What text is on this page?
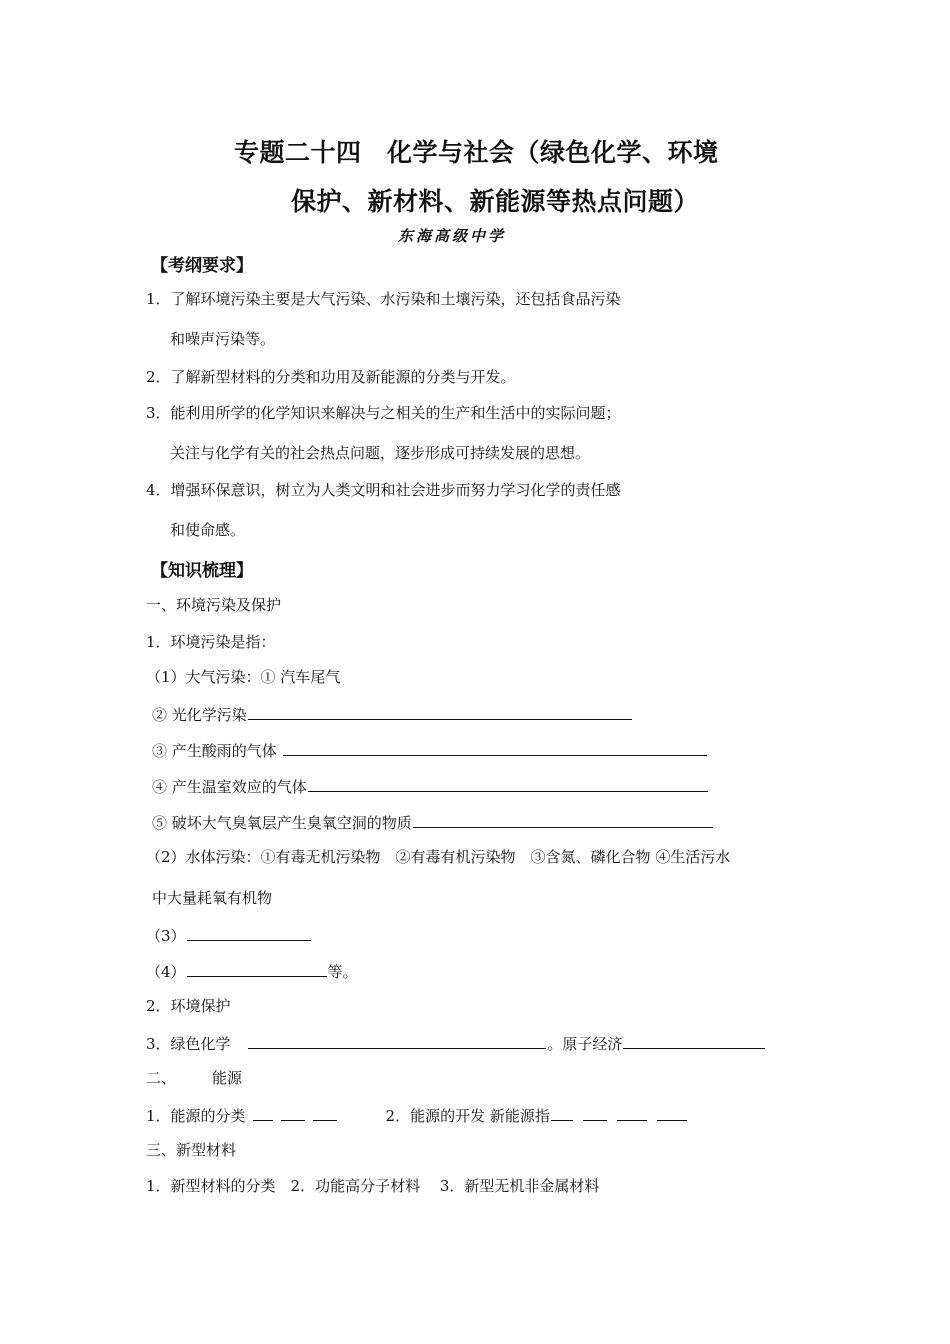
专题二十四　化学与社会（绿色化学、环境
保护、新材料、新能源等热点问题）
东海高级中学
【考纲要求】
1．了解环境污染主要是大气污染、水污染和土壤污染，还包括食品污染
和噪声污染等。
2．了解新型材料的分类和功用及新能源的分类与开发。
3．能利用所学的化学知识来解决与之相关的生产和生活中的实际问题；
关注与化学有关的社会热点问题，逐步形成可持续发展的思想。
4．增强环保意识，树立为人类文明和社会进步而努力学习化学的责任感
和使命感。
【知识梳理】
一、环境污染及保护
1．环境污染是指：
（1）大气污染：① 汽车尾气
② 光化学污染
③ 产生酸雨的气体
④ 产生温室效应的气体
⑤ 破坏大气臭氧层产生臭氧空洞的物质
（2）水体污染：①有毒无机污染物　②有毒有机污染物　③含氮、磷化合物 ④生活污水
中大量耗氧有机物
（3）
（4）	等。
2．环境保护
3．绿色化学	。原子经济
二、 能源
1．能源的分类	2．能源的开发 新能源指
三、新型材料
1．新型材料的分类　2．功能高分子材料　 3．新型无机非金属材料
